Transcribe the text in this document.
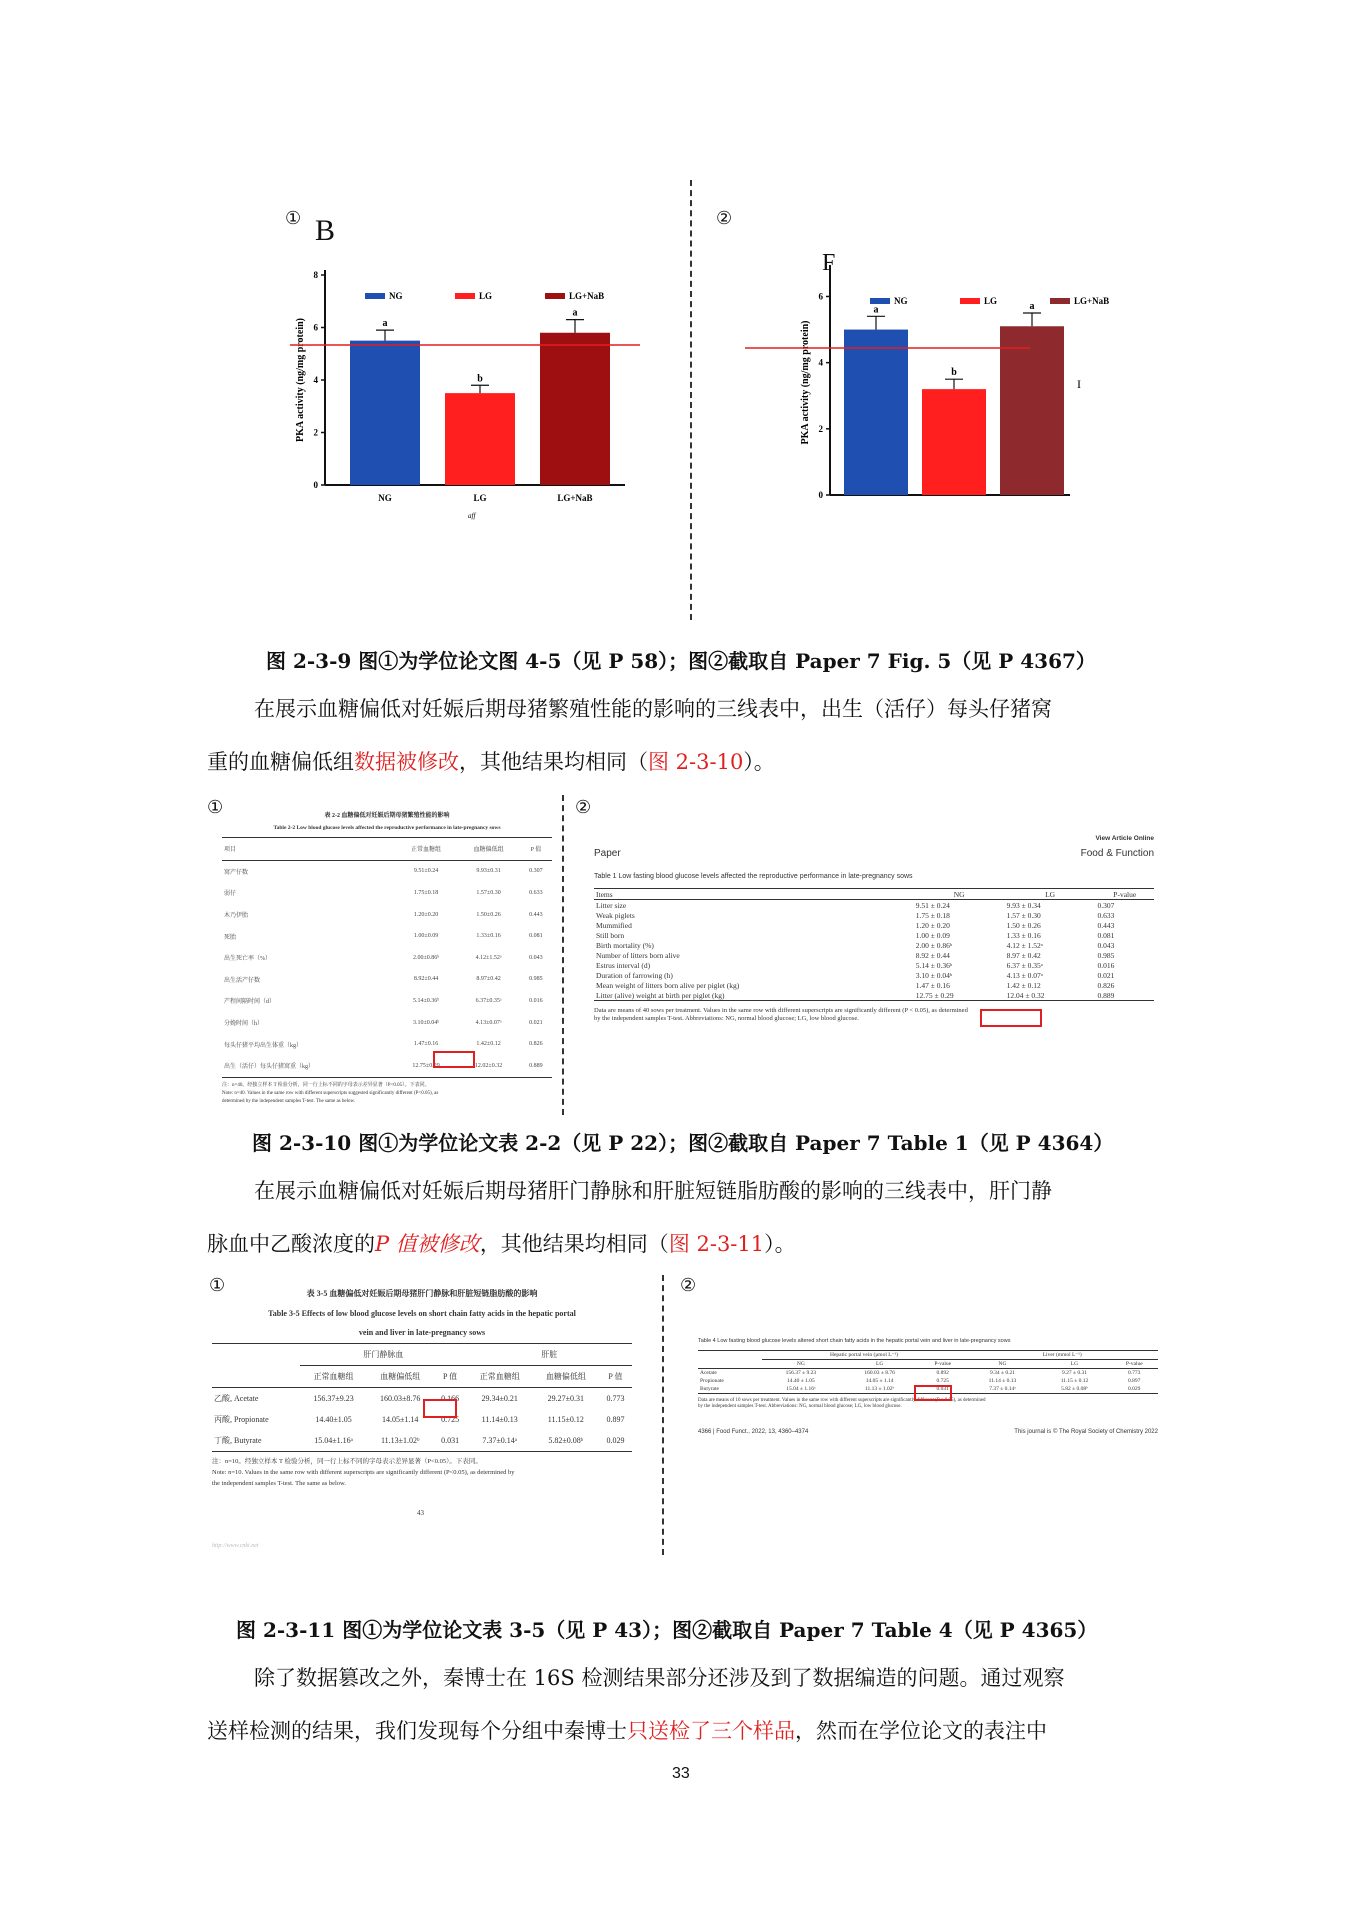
① B
0
2
4
6
8
PKA activity (ng/mg protein)
NG	LG	LG+NaB
a
NG
b
LG
a
LG+NaB
aff
②
F
0
2
4
6
PKA activity (ng/mg protein)
NG	LG	LG+NaB
a
b
a
I
图 2-3-9 图①为学位论文图 4-5（见 P 58）；图②截取自 Paper 7 Fig. 5（见 P 4367）
在展示血糖偏低对妊娠后期母猪繁殖性能的影响的三线表中，出生（活仔）每头仔猪窝
重的血糖偏低组数据被修改，其他结果均相同（图 2-3-10）。
①	②
表 2-2 血糖偏低对妊娠后期母猪繁殖性能的影响
Table 2-2 Low blood glucose levels affected the reproductive performance in late-pregnancy sows
项目	正常血糖组	血糖偏低组	P 值
窝产仔数	9.51±0.24	9.93±0.31	0.307
弱仔	1.75±0.18	1.57±0.30	0.633
木乃伊胎	1.20±0.20	1.50±0.26	0.443
死胎	1.00±0.09	1.33±0.16	0.081
出生死亡率（%）	2.00±0.86ᵇ	4.12±1.52ᵃ	0.043
出生活产仔数	8.92±0.44	8.97±0.42	0.985
产程间隔时间（d）	5.14±0.36ᵇ	6.37±0.35ᵃ	0.016
分娩时间（h）	3.10±0.04ᵇ	4.13±0.07ᵃ	0.021
每头仔猪平均出生体重（kg）	1.47±0.16	1.42±0.12	0.826
出生（活仔）每头仔猪窝重（kg）	12.75±0.29	12.02±0.32	0.889
注：n=40。经独立样本 T 检验分析，同一行上标不同的字母表示差异显著（P<0.05）。下表同。
Note: n=40. Values in the same row with different superscripts suggested significantly different (P<0.05), as
determined by the independent samples T-test. The same as below.
View Article Online
Paper	Food & Function
Table 1 Low fasting blood glucose levels affected the reproductive performance in late-pregnancy sows
Items	NG	LG	P-value
Litter size	9.51 ± 0.24	9.93 ± 0.34	0.307
Weak piglets	1.75 ± 0.18	1.57 ± 0.30	0.633
Mummified	1.20 ± 0.20	1.50 ± 0.26	0.443
Still born	1.00 ± 0.09	1.33 ± 0.16	0.081
Birth mortality (%)	2.00 ± 0.86ᵇ	4.12 ± 1.52ᵃ	0.043
Number of litters born alive	8.92 ± 0.44	8.97 ± 0.42	0.985
Estrus interval (d)	5.14 ± 0.36ᵇ	6.37 ± 0.35ᵃ	0.016
Duration of farrowing (h)	3.10 ± 0.04ᵇ	4.13 ± 0.07ᵃ	0.021
Mean weight of litters born alive per piglet (kg)	1.47 ± 0.16	1.42 ± 0.12	0.826
Litter (alive) weight at birth per piglet (kg)	12.75 ± 0.29	12.04 ± 0.32	0.889
Data are means of 40 sows per treatment. Values in the same row with different superscripts are significantly different (P < 0.05), as determined
by the independent samples T-test. Abbreviations: NG, normal blood glucose; LG, low blood glucose.
图 2-3-10 图①为学位论文表 2-2（见 P 22）；图②截取自 Paper 7 Table 1（见 P 4364）
在展示血糖偏低对妊娠后期母猪肝门静脉和肝脏短链脂肪酸的影响的三线表中，肝门静
脉血中乙酸浓度的P 值被修改，其他结果均相同（图 2-3-11）。
①	②
表 3-5 血糖偏低对妊娠后期母猪肝门静脉和肝脏短链脂肪酸的影响
Table 3-5 Effects of low blood glucose levels on short chain fatty acids in the hepatic portal
vein and liver in late-pregnancy sows
	肝门静脉血			肝脏		
	正常血糖组	血糖偏低组	P 值	正常血糖组	血糖偏低组	P 值
乙酸, Acetate	156.37±9.23	160.03±8.76	0.166	29.34±0.21	29.27±0.31	0.773
丙酸, Propionate	14.40±1.05	14.05±1.14	0.725	11.14±0.13	11.15±0.12	0.897
丁酸, Butyrate	15.04±1.16ᵃ	11.13±1.02ᵇ	0.031	7.37±0.14ᵃ	5.82±0.08ᵇ	0.029
注：n=10。经独立样本 T 检验分析，同一行上标不同的字母表示差异显著（P<0.05）。下表同。
Note: n=10. Values in the same row with different superscripts are significantly different (P<0.05), as determined by
the independent samples T-test. The same as below.
43
http://www.cnki.net
Table 4 Low fasting blood glucose levels altered short chain fatty acids in the hepatic portal vein and liver in late-pregnancy sows
	Hepatic portal vein (μmol L⁻¹)			Liver (mmol L⁻¹)		
	NG	LG	P-value	NG	LG	P-value
Acetate	156.37 ± 9.23	160.03 ± 8.76	0.892	9.34 ± 0.21	9.27 ± 0.31	0.773
Propionate	14.40 ± 1.05	14.05 ± 1.14	0.725	11.14 ± 0.13	11.15 ± 0.12	0.897
Butyrate	15.04 ± 1.16ᵃ	11.13 ± 1.02ᵇ	0.031	7.37 ± 0.14ᵃ	5.82 ± 0.08ᵇ	0.029
Data are means of 10 sows per treatment. Values in the same row with different superscripts are significantly different (P < 0.05), as determined
by the independent samples T-test. Abbreviations: NG, normal blood glucose; LG, low blood glucose.
4366 | Food Funct., 2022, 13, 4360–4374	This journal is © The Royal Society of Chemistry 2022
图 2-3-11 图①为学位论文表 3-5（见 P 43）；图②截取自 Paper 7 Table 4（见 P 4365）
除了数据篡改之外，秦博士在 16S 检测结果部分还涉及到了数据编造的问题。通过观察
送样检测的结果，我们发现每个分组中秦博士只送检了三个样品，然而在学位论文的表注中
33
